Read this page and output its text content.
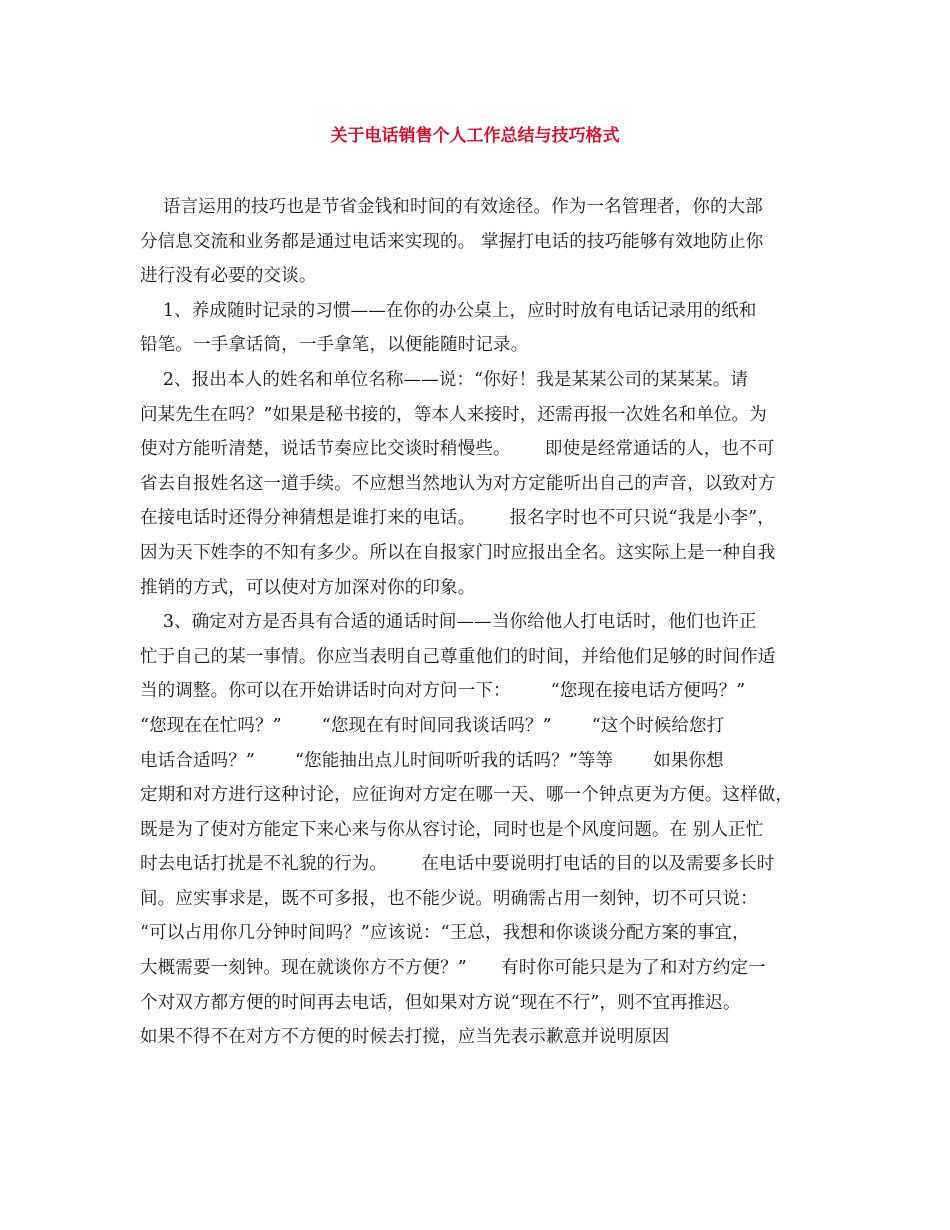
关于电话销售个人工作总结与技巧格式
语言运用的技巧也是节省金钱和时间的有效途径。作为一名管理者，你的大部
分信息交流和业务都是通过电话来实现的。 掌握打电话的技巧能够有效地防止你
进行没有必要的交谈。
1、养成随时记录的习惯——在你的办公桌上，应时时放有电话记录用的纸和
铅笔。一手拿话筒，一手拿笔，以便能随时记录。
2、报出本人的姓名和单位名称——说：“你好！我是某某公司的某某某。请
问某先生在吗？”如果是秘书接的，等本人来接时，还需再报一次姓名和单位。为
使对方能听清楚，说话节奏应比交谈时稍慢些。      即使是经常通话的人，也不可
省去自报姓名这一道手续。不应想当然地认为对方定能听出自己的声音，以致对方
在接电话时还得分神猜想是谁打来的电话。      报名字时也不可只说“我是小李”，
因为天下姓李的不知有多少。所以在自报家门时应报出全名。这实际上是一种自我
推销的方式，可以使对方加深对你的印象。
3、确定对方是否具有合适的通话时间——当你给他人打电话时，他们也许正
忙于自己的某一事情。你应当表明自己尊重他们的时间，并给他们足够的时间作适
当的调整。你可以在开始讲话时向对方问一下：       “您现在接电话方便吗？”
“您现在在忙吗？”       “您现在有时间同我谈话吗？”       “这个时候给您打
电话合适吗？”       “您能抽出点儿时间听听我的话吗？”等等       如果你想
定期和对方进行这种讨论，应征询对方定在哪一天、哪一个钟点更为方便。这样做，
既是为了使对方能定下来心来与你从容讨论，同时也是个风度问题。在 别人正忙
时去电话打扰是不礼貌的行为。      在电话中要说明打电话的目的以及需要多长时
间。应实事求是，既不可多报，也不能少说。明确需占用一刻钟，切不可只说：
“可以占用你几分钟时间吗？”应该说：“王总，我想和你谈谈分配方案的事宜，
大概需要一刻钟。现在就谈你方不方便？”      有时你可能只是为了和对方约定一
个对双方都方便的时间再去电话，但如果对方说“现在不行”，则不宜再推迟。
如果不得不在对方不方便的时候去打搅，应当先表示歉意并说明原因
